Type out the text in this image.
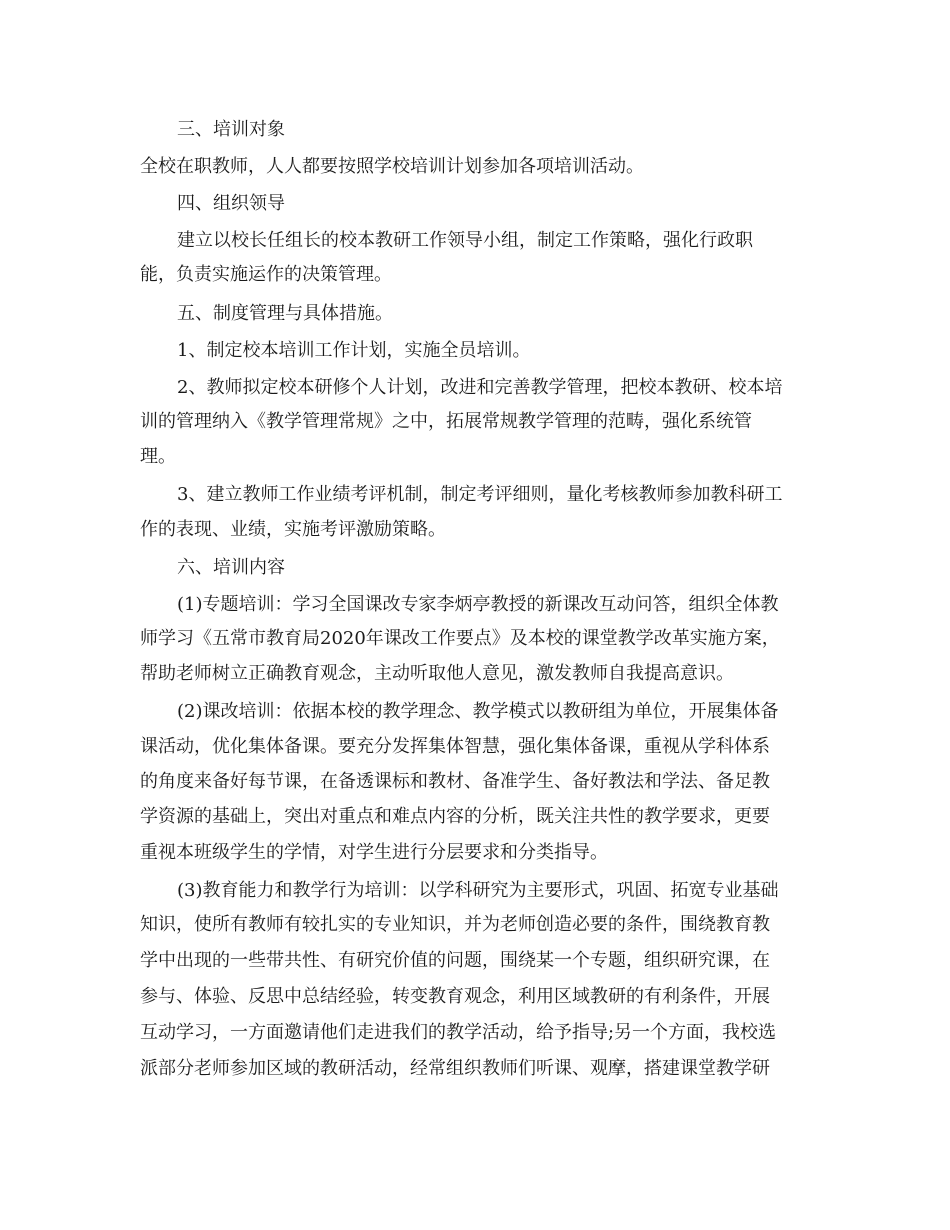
三、培训对象
全校在职教师，人人都要按照学校培训计划参加各项培训活动。
四、组织领导
建立以校长任组长的校本教研工作领导小组，制定工作策略，强化行政职
能，负责实施运作的决策管理。
五、制度管理与具体措施。
1、制定校本培训工作计划，实施全员培训。
2、教师拟定校本研修个人计划，改进和完善教学管理，把校本教研、校本培
训的管理纳入《教学管理常规》之中，拓展常规教学管理的范畴，强化系统管
理。
3、建立教师工作业绩考评机制，制定考评细则，量化考核教师参加教科研工
作的表现、业绩，实施考评激励策略。
六、培训内容
(1)专题培训：学习全国课改专家李炳亭教授的新课改互动问答，组织全体教
师学习《五常市教育局2020年课改工作要点》及本校的课堂教学改革实施方案，
帮助老师树立正确教育观念，主动听取他人意见，激发教师自我提高意识。
(2)课改培训：依据本校的教学理念、教学模式以教研组为单位，开展集体备
课活动，优化集体备课。要充分发挥集体智慧，强化集体备课，重视从学科体系
的角度来备好每节课，在备透课标和教材、备准学生、备好教法和学法、备足教
学资源的基础上，突出对重点和难点内容的分析，既关注共性的教学要求，更要
重视本班级学生的学情，对学生进行分层要求和分类指导。
(3)教育能力和教学行为培训：以学科研究为主要形式，巩固、拓宽专业基础
知识，使所有教师有较扎实的专业知识，并为老师创造必要的条件，围绕教育教
学中出现的一些带共性、有研究价值的问题，围绕某一个专题，组织研究课，在
参与、体验、反思中总结经验，转变教育观念，利用区域教研的有利条件，开展
互动学习，一方面邀请他们走进我们的教学活动，给予指导;另一个方面，我校选
派部分老师参加区域的教研活动，经常组织教师们听课、观摩，搭建课堂教学研
